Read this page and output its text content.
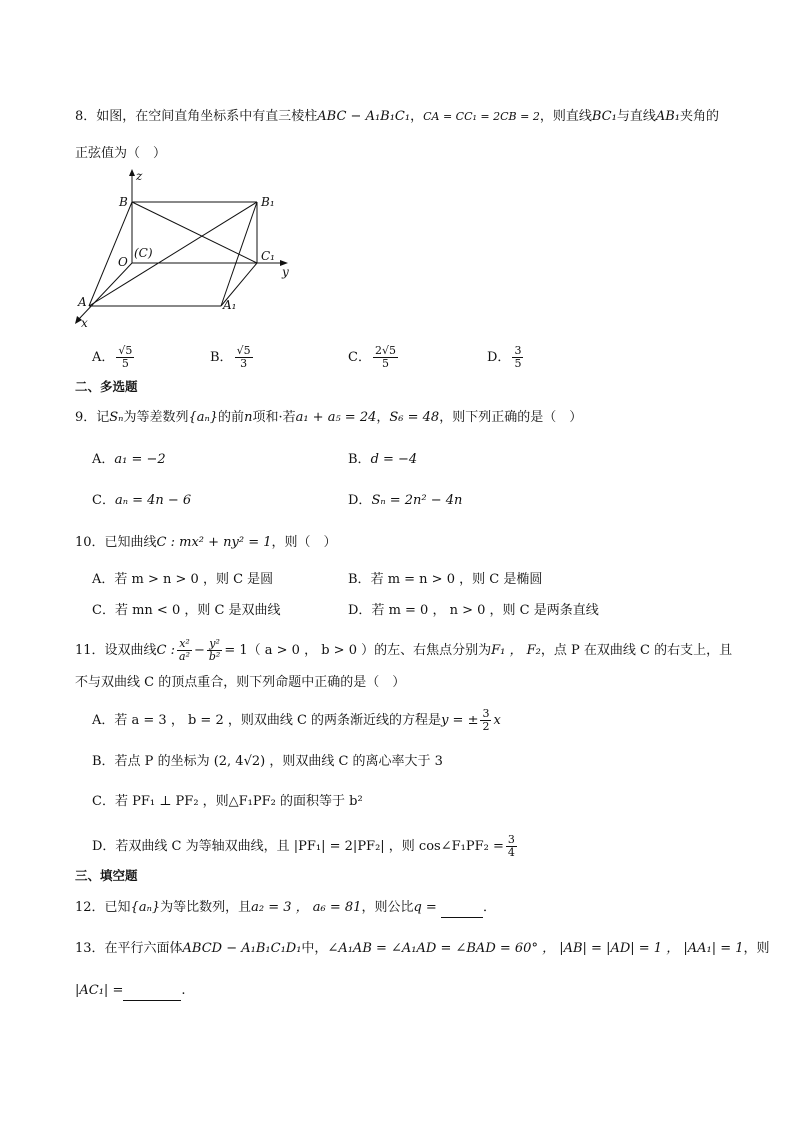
8．如图，在空间直角坐标系中有直三棱柱ABC − A₁B₁C₁，CA = CC₁ = 2CB = 2，则直线BC₁与直线AB₁夹角的
正弦值为（　）
z
B	B₁
O
(C)	C₁
y
A	A₁
x
A． $\frac{√5}{5}$	B． $\frac{√5}{3}$	C． $\frac{2√5}{5}$	D． $\frac{3}{5}$
二、多选题
9．记Sₙ为等差数列{aₙ}的前n项和·若a₁ + a₅ = 24，S₆ = 48，则下列正确的是（　）
A．a₁ = −2	B．d = −4
C．aₙ = 4n − 6	D．Sₙ = 2n² − 4n
10．已知曲线C : mx² + ny² = 1，则（　）
A．若 m > n > 0 ，则 C 是圆	B．若 m = n > 0 ，则 C 是椭圆
C．若 mn < 0 ，则 C 是双曲线	D．若 m = 0 ， n > 0 ，则 C 是两条直线
11．设双曲线C : $\frac{\text{x²}}{\text{a²}} - \frac{\text{y²}}{\text{b²}} = 1$（ a > 0 ， b > 0 ）的左、右焦点分别为F₁ ， F₂，点 P 在双曲线 C 的右支上，且
不与双曲线 C 的顶点重合，则下列命题中正确的是（　）
A．若 a = 3 ， b = 2 ，则双曲线 C 的两条渐近线的方程是y = ± $\frac{3}{2}$ x
B．若点 P 的坐标为 (2, 4√2) ，则双曲线 C 的离心率大于 3
C．若 PF₁ ⊥ PF₂ ，则△F₁PF₂ 的面积等于 b²
D．若双曲线 C 为等轴双曲线，且 |PF₁| = 2|PF₂| ，则 cos∠F₁PF₂ = $\frac{3}{4}$
三、填空题
12．已知{aₙ}为等比数列，且a₂ = 3 ， a₆ = 81，则公比q =	．
13．在平行六面体ABCD − A₁B₁C₁D₁中，∠A₁AB = ∠A₁AD = ∠BAD = 60° ， |AB| = |AD| = 1 ， |AA₁| = 1，则
|AC₁| =	.
